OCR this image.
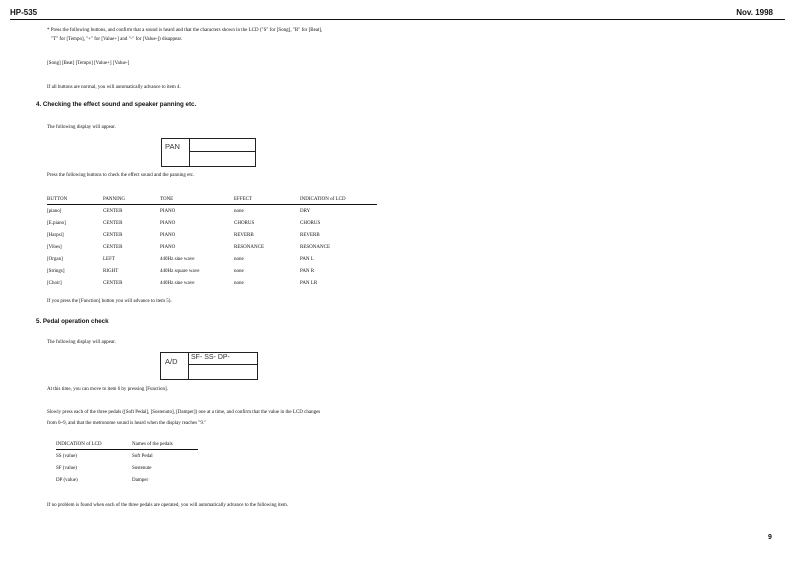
HP-535	Nov. 1998
* Press the following buttons, and confirm that a sound is heard and that the characters shown in the LCD ("S" for [Song], "B" for [Beat],
"T" for [Tempo], "+" for [Value+] and "-" for [Value-]) disappear.
[Song] [Beat] [Tempo] [Value+] [Value-]
If all buttons are normal, you will automatically advance to item 4.
4. Checking the effect sound and speaker panning etc.
The following display will appear.
PAN
Press the following buttons to check the effect sound and the panning etc.
BUTTON	PANNING	TONE	EFFECT	INDICATION of LCD
[piano]	CENTER	PIANO	none	DRY
[E.piano]	CENTER	PIANO	CHORUS	CHORUS
[Harpsi]	CENTER	PIANO	REVERB	REVERB
[Vibes]	CENTER	PIANO	RESONANCE	RESONANCE
[Organ]	LEFT	440Hz sine wave	none	PAN L
[Strings]	RIGHT	440Hz square wave	none	PAN R
[Choir]	CENTER	440Hz sine wave	none	PAN LR
If you press the [Function] button you will advance to item 5).
5. Pedal operation check
The following display will appear.
A/D SF- SS- DP-
At this time, you can move to item 6 by pressing [Function].
Slowly press each of the three pedals ([Soft Pedal], [Sostenuto], [Damper]) one at a time, and confirm that the value in the LCD changes
from 0~9, and that the metronome sound is heard when the display reaches "9."
INDICATION of LCD	Names of the pedals
SS (value)	Soft Pedal
SF (value)	Sostenute
DP (value)	Damper
If no problem is found when each of the three pedals are operated, you will automatically advance to the following item.
9
